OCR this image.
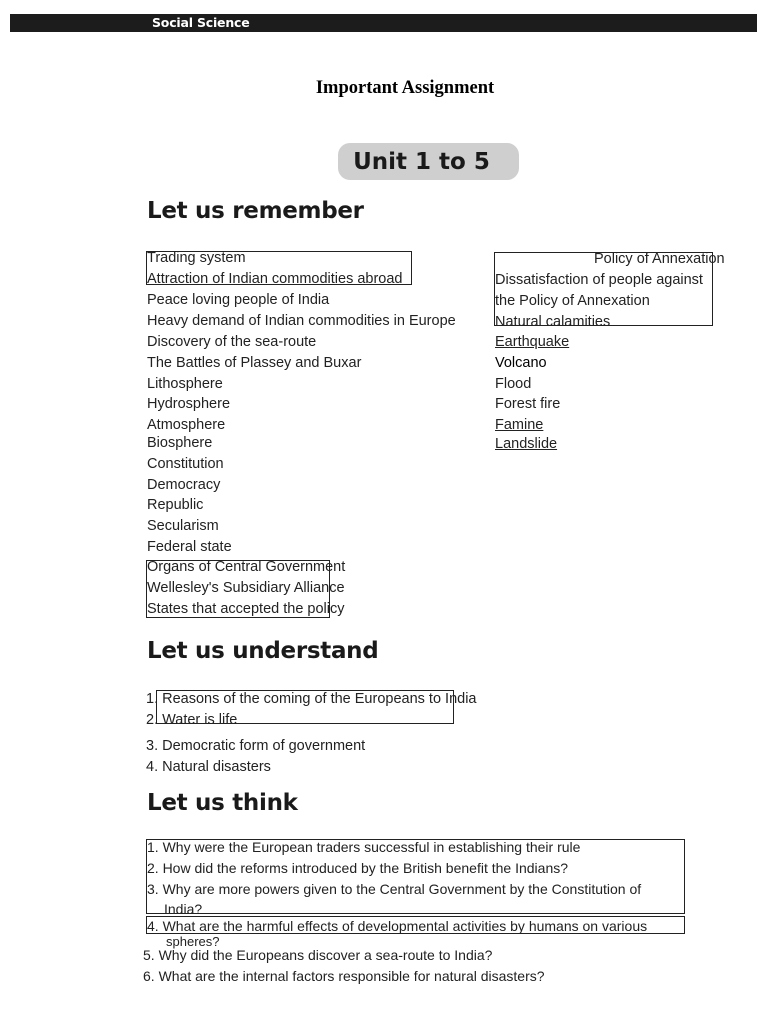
Social Science
Important Assignment
Unit 1 to 5
Let us remember
Trading system
Attraction of Indian commodities abroad
Peace loving people of India
Heavy demand of Indian commodities in Europe
Discovery of the sea-route
The Battles of Plassey and Buxar
Lithosphere
Hydrosphere
Atmosphere
Biosphere
Constitution
Democracy
Republic
Secularism
Federal state
Organs of Central Government
Wellesley's Subsidiary Alliance
States that accepted the policy
Policy of Annexation
Dissatisfaction of people against
the Policy of Annexation
Natural calamities
Earthquake
Volcano
Flood
Forest fire
Famine
Landslide
Let us understand
1. Reasons of the coming of the Europeans to India
2. Water is life
3. Democratic form of government
4. Natural disasters
Let us think
1. Why were the European traders successful in establishing their rule
2. How did the reforms introduced by the British benefit the Indians?
3. Why are more powers given to the Central Government by the Constitution of
India?
4. What are the harmful effects of developmental activities by humans on various
spheres?
5. Why did the Europeans discover a sea-route to India?
6. What are the internal factors responsible for natural disasters?
